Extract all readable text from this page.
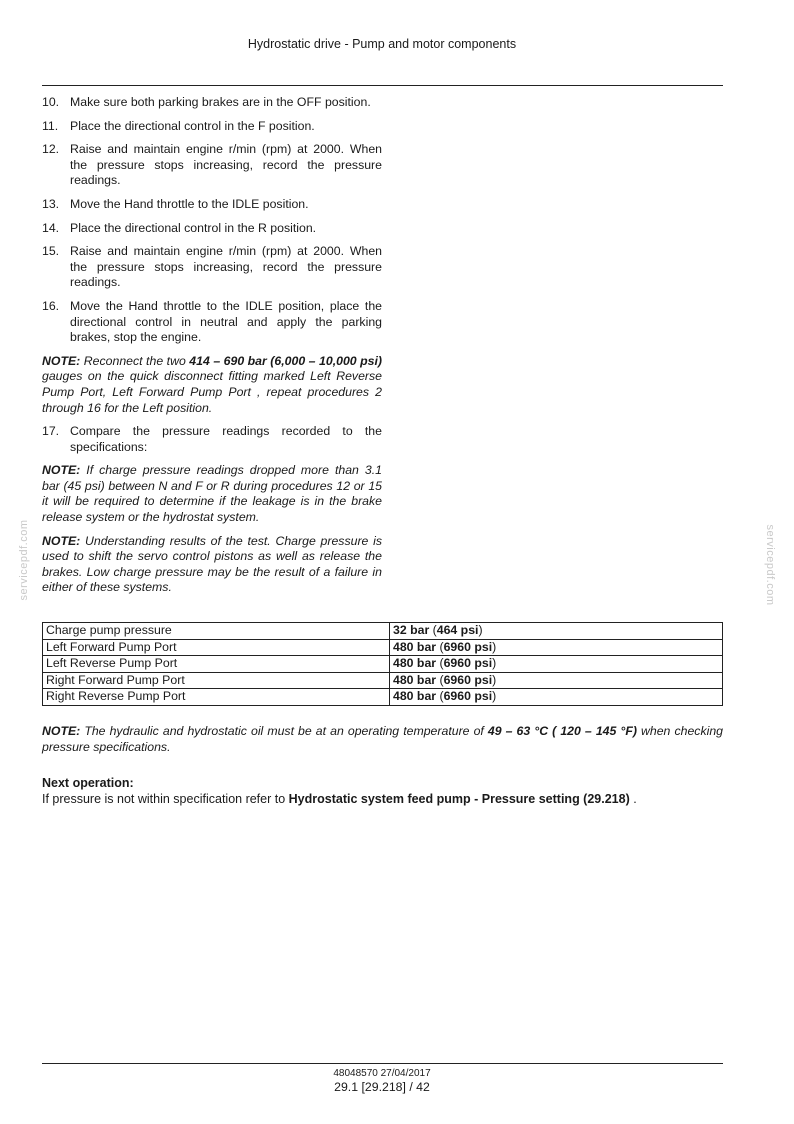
Hydrostatic drive - Pump and motor components
10. Make sure both parking brakes are in the OFF position.
11. Place the directional control in the F position.
12. Raise and maintain engine r/min (rpm) at 2000. When the pressure stops increasing, record the pressure readings.
13. Move the Hand throttle to the IDLE position.
14. Place the directional control in the R position.
15. Raise and maintain engine r/min (rpm) at 2000. When the pressure stops increasing, record the pressure readings.
16. Move the Hand throttle to the IDLE position, place the directional control in neutral and apply the parking brakes, stop the engine.
NOTE: Reconnect the two 414 – 690 bar (6,000 – 10,000 psi) gauges on the quick disconnect fitting marked Left Reverse Pump Port, Left Forward Pump Port , repeat procedures 2 through 16 for the Left position.
17. Compare the pressure readings recorded to the specifications:
NOTE: If charge pressure readings dropped more than 3.1 bar (45 psi) between N and F or R during procedures 12 or 15 it will be required to determine if the leakage is in the brake release system or the hydrostat system.
NOTE: Understanding results of the test. Charge pressure is used to shift the servo control pistons as well as release the brakes. Low charge pressure may be the result of a failure in either of these systems.
Charge pump pressure	32 bar (464 psi)
Left Forward Pump Port	480 bar (6960 psi)
Left Reverse Pump Port	480 bar (6960 psi)
Right Forward Pump Port	480 bar (6960 psi)
Right Reverse Pump Port	480 bar (6960 psi)
NOTE: The hydraulic and hydrostatic oil must be at an operating temperature of 49 – 63 °C ( 120 – 145 °F) when checking pressure specifications.
Next operation:
If pressure is not within specification refer to Hydrostatic system feed pump - Pressure setting (29.218) .
48048570 27/04/2017
29.1 [29.218] / 42
servicepdf.com	servicepdf.com
